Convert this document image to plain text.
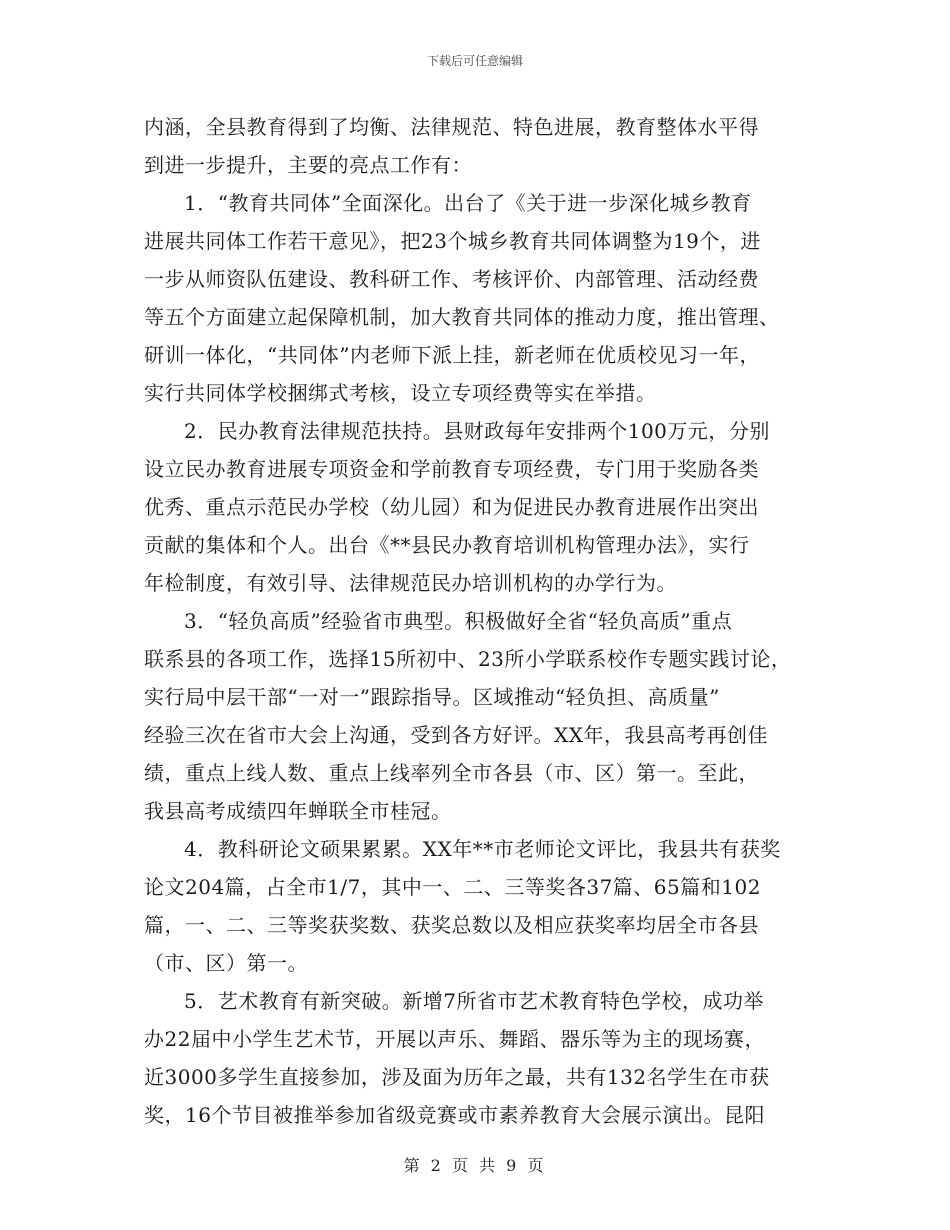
下载后可任意编辑
内涵，全县教育得到了均衡、法律规范、特色进展，教育整体水平得
到进一步提升，主要的亮点工作有：
1．“教育共同体”全面深化。出台了《关于进一步深化城乡教育
进展共同体工作若干意见》，把23个城乡教育共同体调整为19个，进
一步从师资队伍建设、教科研工作、考核评价、内部管理、活动经费
等五个方面建立起保障机制，加大教育共同体的推动力度，推出管理、
研训一体化，“共同体”内老师下派上挂，新老师在优质校见习一年，
实行共同体学校捆绑式考核，设立专项经费等实在举措。
2．民办教育法律规范扶持。县财政每年安排两个100万元，分别
设立民办教育进展专项资金和学前教育专项经费，专门用于奖励各类
优秀、重点示范民办学校（幼儿园）和为促进民办教育进展作出突出
贡献的集体和个人。出台《**县民办教育培训机构管理办法》，实行
年检制度，有效引导、法律规范民办培训机构的办学行为。
3．“轻负高质”经验省市典型。积极做好全省“轻负高质”重点
联系县的各项工作，选择15所初中、23所小学联系校作专题实践讨论，
实行局中层干部“一对一”跟踪指导。区域推动“轻负担、高质量”
经验三次在省市大会上沟通，受到各方好评。XX年，我县高考再创佳
绩，重点上线人数、重点上线率列全市各县（市、区）第一。至此，
我县高考成绩四年蝉联全市桂冠。
4．教科研论文硕果累累。XX年**市老师论文评比，我县共有获奖
论文204篇，占全市1/7，其中一、二、三等奖各37篇、65篇和102
篇，一、二、三等奖获奖数、获奖总数以及相应获奖率均居全市各县
（市、区）第一。
5．艺术教育有新突破。新增7所省市艺术教育特色学校，成功举
办22届中小学生艺术节，开展以声乐、舞蹈、器乐等为主的现场赛，
近3000多学生直接参加，涉及面为历年之最，共有132名学生在市获
奖，16个节目被推举参加省级竞赛或市素养教育大会展示演出。昆阳
第 2 页 共 9 页
